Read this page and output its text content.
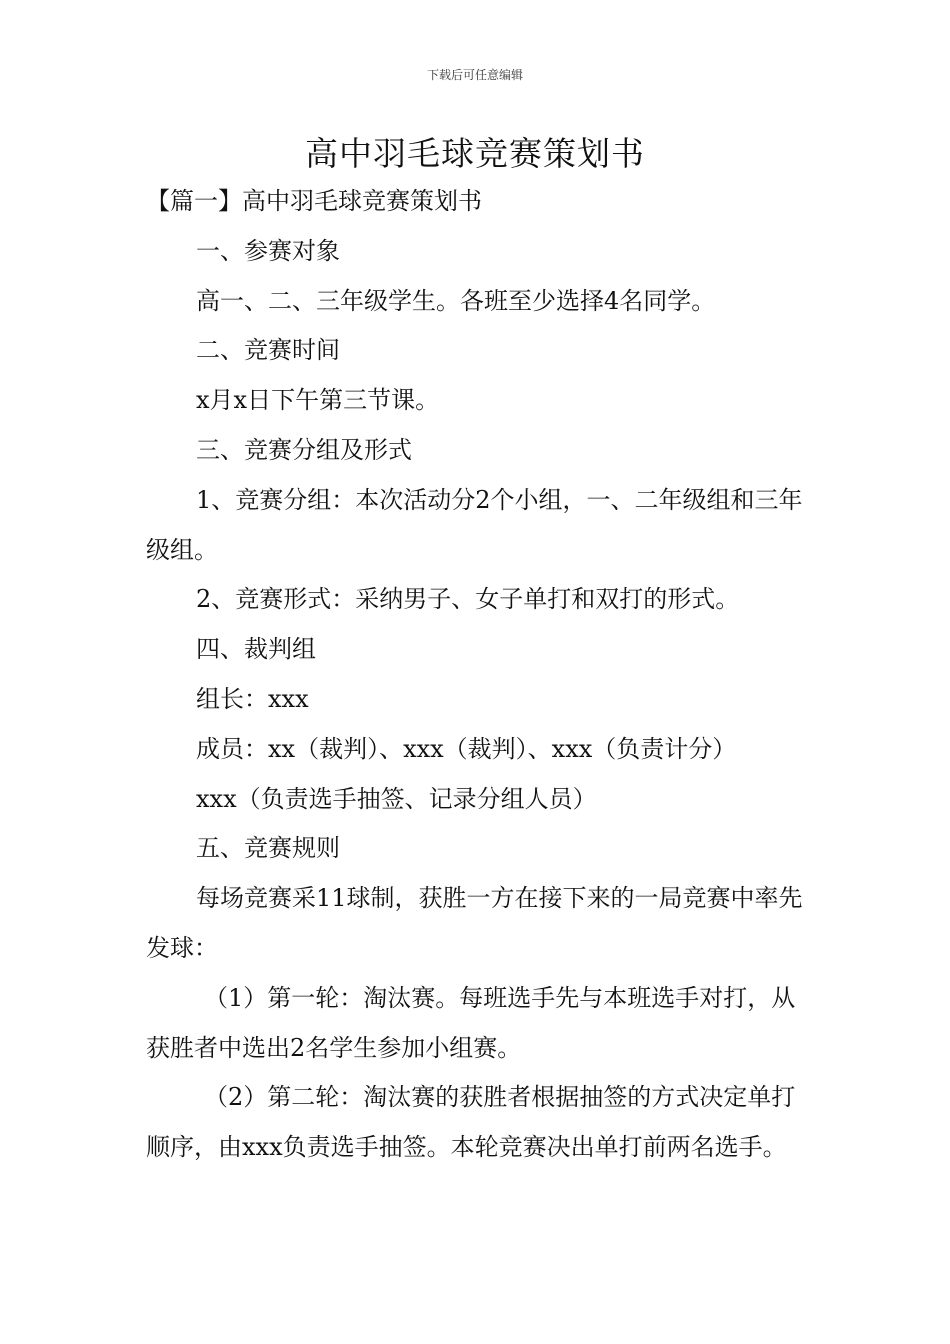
下载后可任意编辑
高中羽毛球竞赛策划书

【篇一】高中羽毛球竞赛策划书

一、参赛对象

高一、二、三年级学生。各班至少选择4名同学。

二、竞赛时间

x月x日下午第三节课。

三、竞赛分组及形式

1、竞赛分组：本次活动分2个小组，一、二年级组和三年级组。

2、竞赛形式：采纳男子、女子单打和双打的形式。

四、裁判组

组长：xxx

成员：xx（裁判）、xxx（裁判）、xxx（负责计分）

xxx（负责选手抽签、记录分组人员）

五、竞赛规则

每场竞赛采11球制，获胜一方在接下来的一局竞赛中率先发球：

（1）第一轮：淘汰赛。每班选手先与本班选手对打，从获胜者中选出2名学生参加小组赛。

（2）第二轮：淘汰赛的获胜者根据抽签的方式决定单打顺序，由xxx负责选手抽签。本轮竞赛决出单打前两名选手。
